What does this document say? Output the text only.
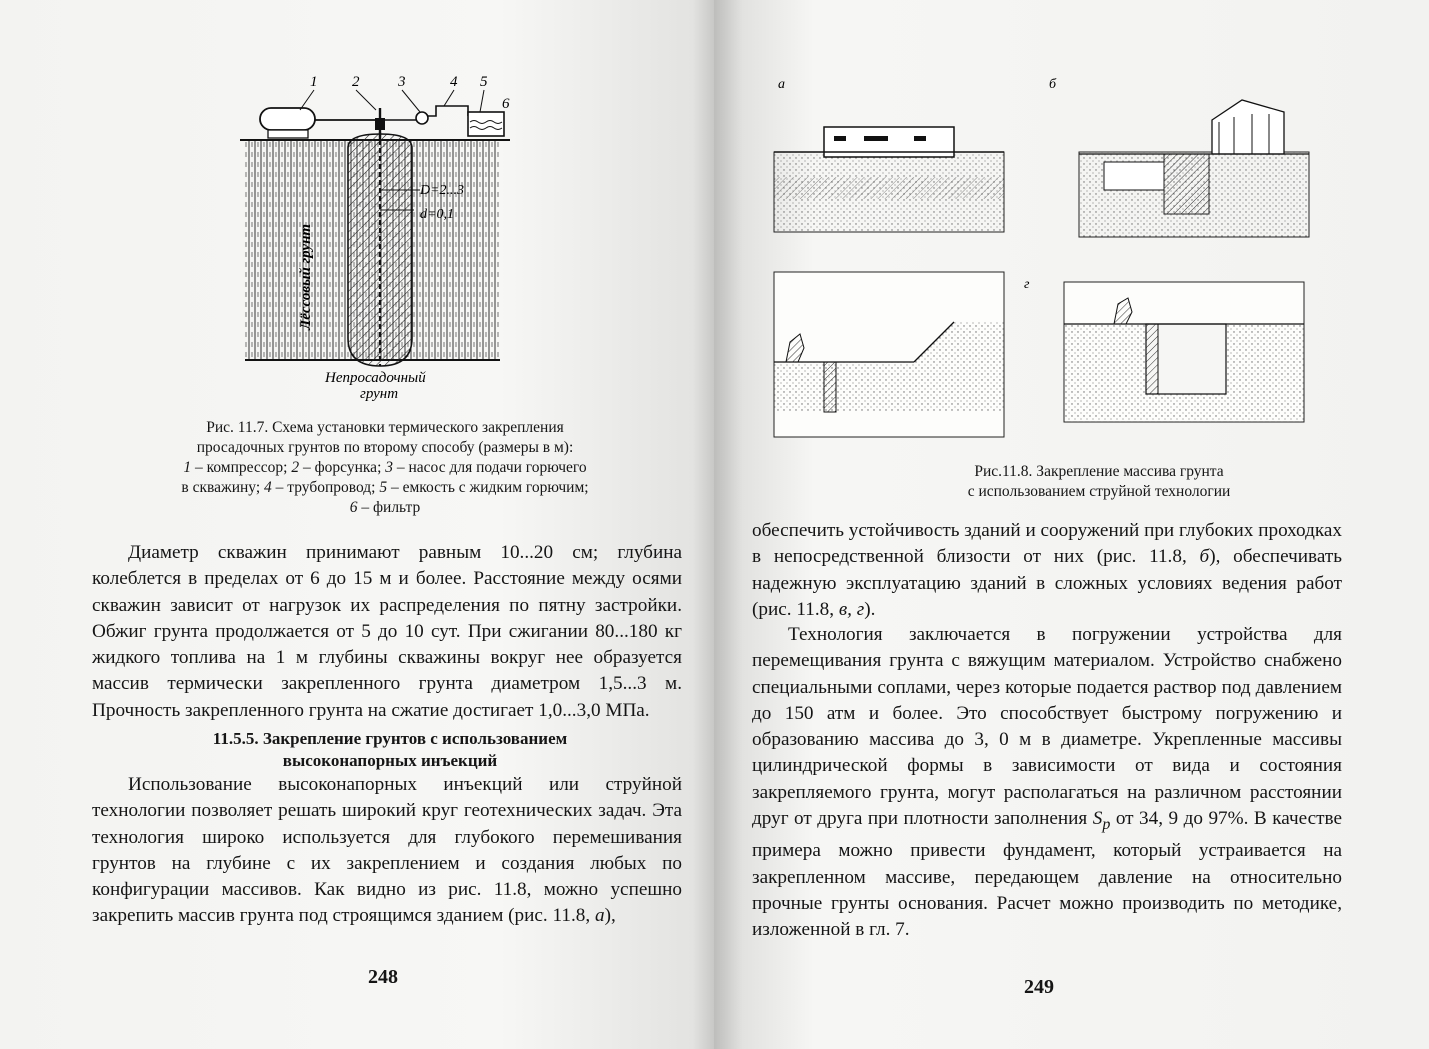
1 2	3	4 5
6
D=2...3
d=0,1
Лёссовый грунт
Непросадочный
грунт
Рис. 11.7. Схема установки термического закрепления
просадочных грунтов по второму способу (размеры в м):
1 – компрессор; 2 – форсунка; 3 – насос для подачи горючего
в скважину; 4 – трубопровод; 5 – емкость с жидким горючим;
6 – фильтр

Диаметр скважин принимают равным 10...20 см; глубина колеблется в пределах от 6 до 15 м и более. Расстояние между осями скважин зависит от нагрузок их распределения по пятну застройки. Обжиг грунта продолжается от 5 до 10 сут. При сжигании 80...180 кг жидкого топлива на 1 м глубины скважины вокруг нее образуется массив термически закрепленного грунта диаметром 1,5...3 м. Прочность закрепленного грунта на сжатие достигает 1,0...3,0 МПа.

11.5.5. Закрепление грунтов с использованием
высоконапорных инъекций

Использование высоконапорных инъекций или струйной технологии позволяет решать широкий круг геотехнических задач. Эта технология широко используется для глубокого перемешивания грунтов на глубине с их закреплением и создания любых по конфигурации массивов. Как видно из рис. 11.8, можно успешно закрепить массив грунта под строящимся зданием (рис. 11.8, а),

248
а	б
г
Рис.11.8. Закрепление массива грунта
с использованием струйной технологии

обеспечить устойчивость зданий и сооружений при глубоких проходках в непосредственной близости от них (рис. 11.8, б), обеспечивать надежную эксплуатацию зданий в сложных условиях ведения работ (рис. 11.8, в, г).

Технология заключается в погружении устройства для перемещивания грунта с вяжущим материалом. Устройство снабжено специальными соплами, через которые подается раствор под давлением до 150 атм и более. Это способствует быстрому погружению и образованию массива до 3, 0 м в диаметре. Укрепленные массивы цилиндрической формы в зависимости от вида и состояния закрепляемого грунта, могут располагаться на различном расстоянии друг от друга при плотности заполнения $S_p$ от 34, 9 до 97%. В качестве примера можно привести фундамент, который устраивается на закрепленном массиве, передающем давление на относительно прочные грунты основания. Расчет можно производить по методике, изложенной в гл. 7.

249
